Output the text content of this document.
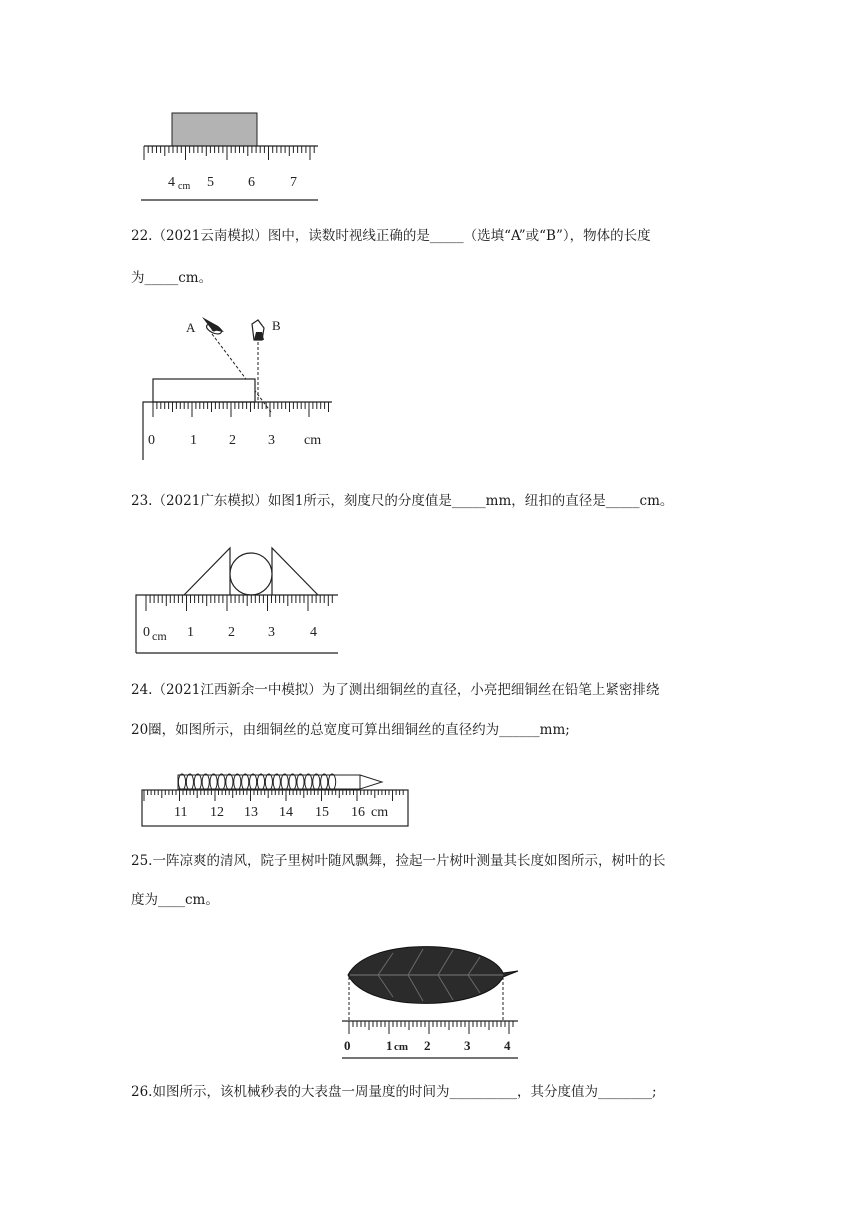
4 cm 5 6	7
22.（2021云南模拟）图中，读数时视线正确的是_____（选填“A”或“B”），物体的长度
为_____cm。
A	B
0	1 2 3 cm
23.（2021广东模拟）如图1所示，刻度尺的分度值是_____mm，纽扣的直径是_____cm。
0 cm 1 2 3	4
24.（2021江西新余一中模拟）为了测出细铜丝的直径，小亮把细铜丝在铅笔上紧密排绕
20圈，如图所示，由细铜丝的总宽度可算出细铜丝的直径约为______mm;
11 12 13 14 15 16 cm
25.一阵凉爽的清风，院子里树叶随风飘舞，捡起一片树叶测量其长度如图所示，树叶的长
度为____cm。
0	1 cm 2	3	4
26.如图所示，该机械秒表的大表盘一周量度的时间为__________，其分度值为________;
